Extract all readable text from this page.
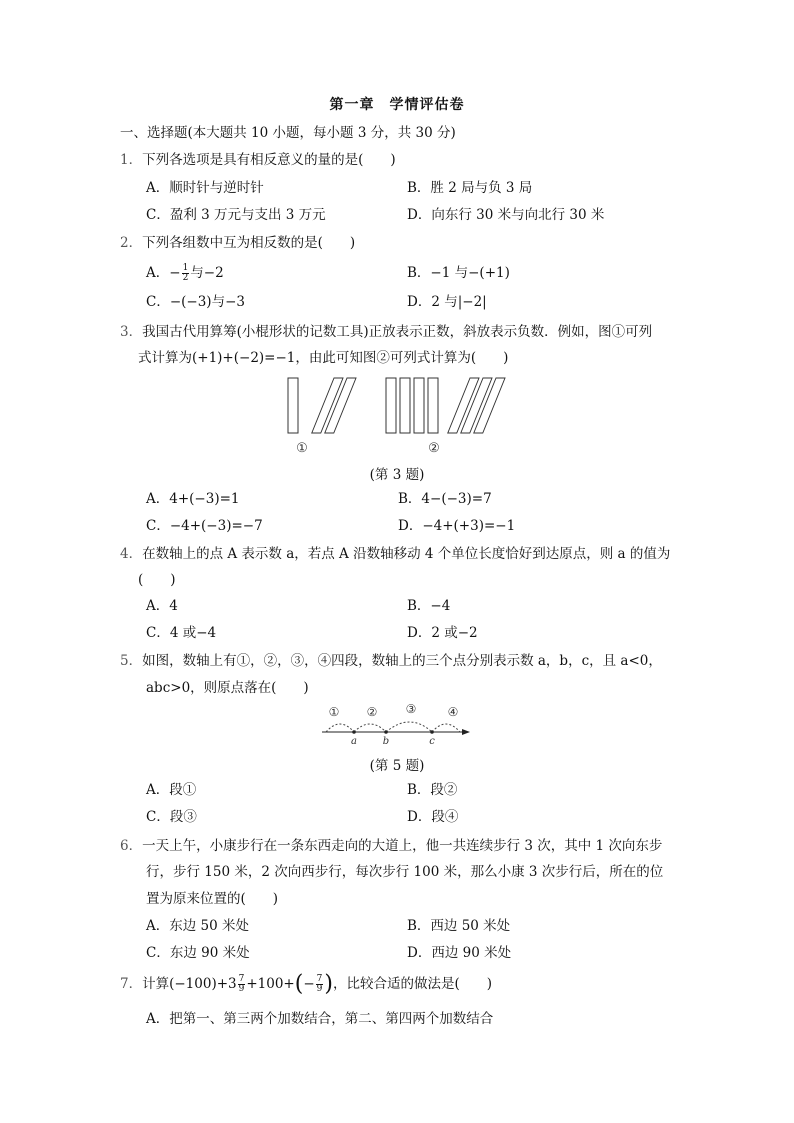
第一章　学情评估卷
一、选择题(本大题共 10 小题，每小题 3 分，共 30 分)
1．下列各选项是具有相反意义的量的是(　　)
A．顺时针与逆时针	B．胜 2 局与负 3 局
C．盈利 3 万元与支出 3 万元	D．向东行 30 米与向北行 30 米
2．下列各组数中互为相反数的是(　　)
A．− $\frac{1}{2}$ 与−2	B．−1 与−(+1)
C．−(−3)与−3	D．2 与|−2|
3．我国古代用算筹(小棍形状的记数工具)正放表示正数，斜放表示负数．例如，图①可列
式计算为(+1)+(−2)=−1，由此可知图②可列式计算为(　　)
①	②
(第 3 题)
A．4+(−3)=1	B．4−(−3)=7
C．−4+(−3)=−7	D．−4+(+3)=−1
4．在数轴上的点 A 表示数 a，若点 A 沿数轴移动 4 个单位长度恰好到达原点，则 a 的值为
(　　)
A．4	B．−4
C．4 或−4	D．2 或−2
5．如图，数轴上有①，②，③，④四段，数轴上的三个点分别表示数 a，b，c，且 a<0，
abc>0，则原点落在(　　)
① ② ③	④
a	b	c
(第 5 题)
A．段①	B．段②
C．段③	D．段④
6．一天上午，小康步行在一条东西走向的大道上，他一共连续步行 3 次，其中 1 次向东步
行，步行 150 米，2 次向西步行，每次步行 100 米，那么小康 3 次步行后，所在的位
置为原来位置的(　　)
A．东边 50 米处	B．西边 50 米处
C．东边 90 米处	D．西边 90 米处
7．计算$(-100)+3 \frac{7}{9} +100+(- \frac{7}{9}$ )，比较合适的做法是(　　)
A．把第一、第三两个加数结合，第二、第四两个加数结合
